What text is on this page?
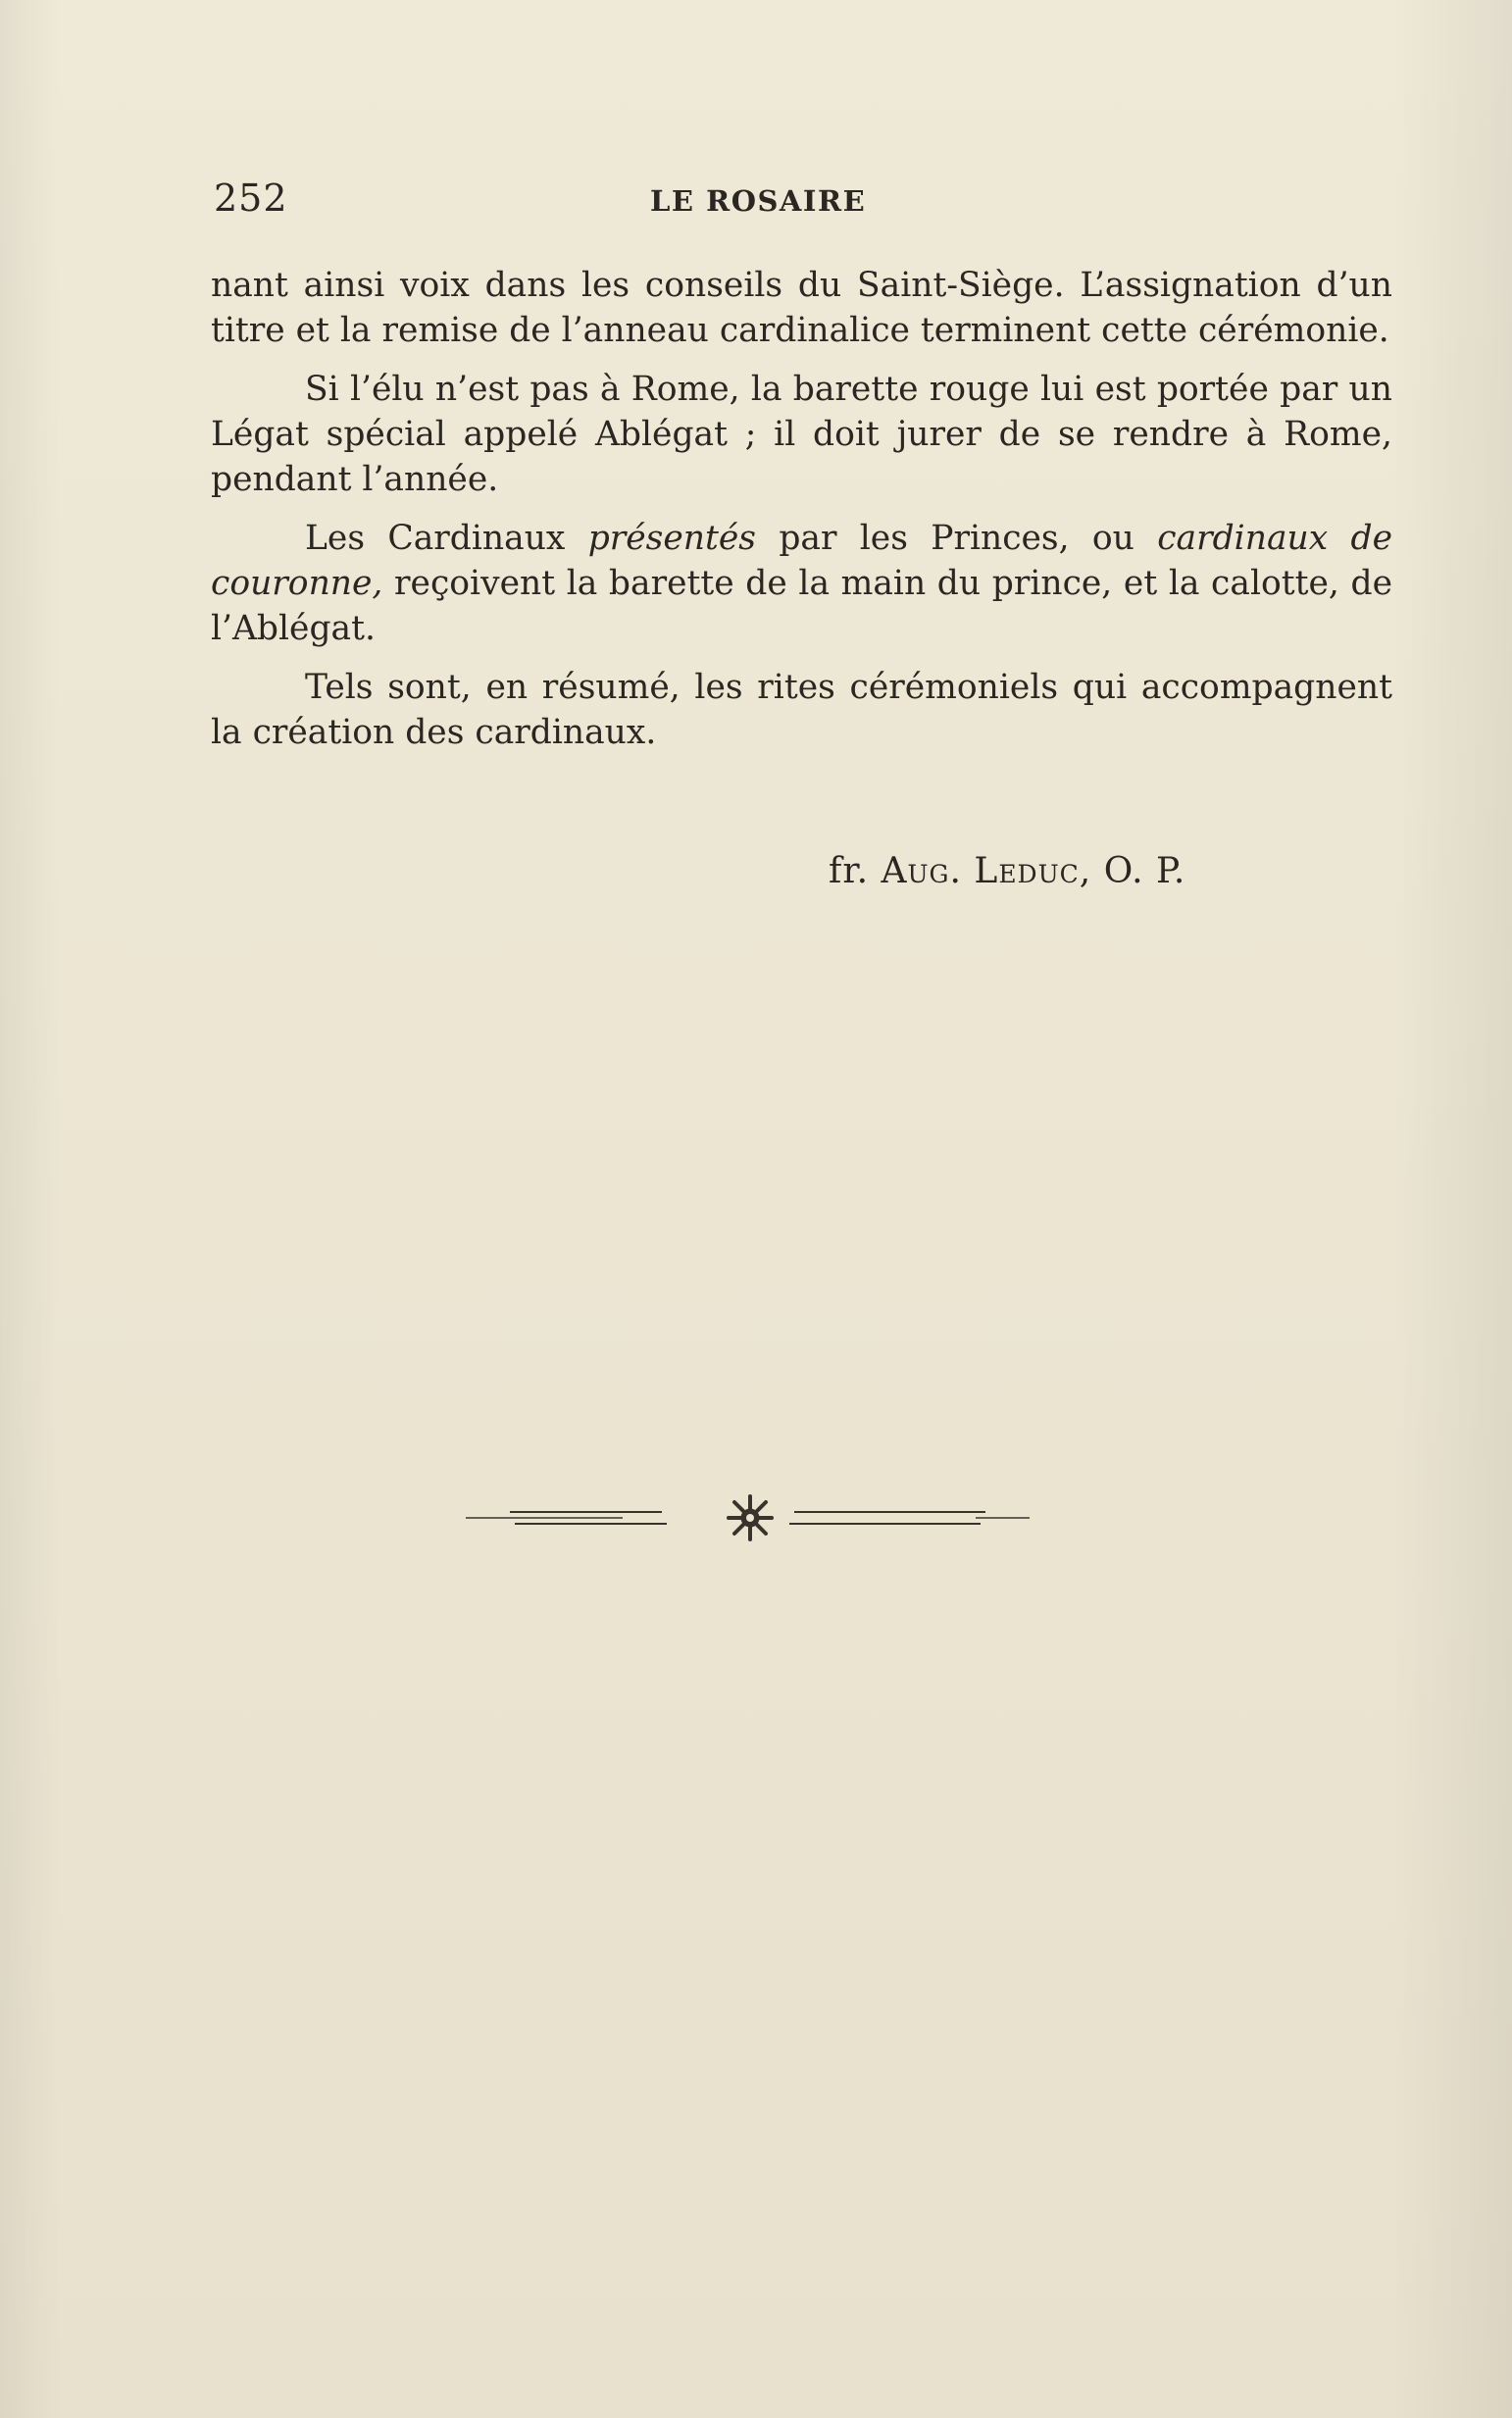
252	LE ROSAIRE

nant ainsi voix dans les conseils du Saint-Siège. L’assignation d’un titre et la remise de l’anneau cardinalice terminent cette cérémonie.

Si l’élu n’est pas à Rome, la barette rouge lui est portée par un Légat spécial appelé Ablégat ; il doit jurer de se rendre à Rome, pendant l’année.

Les Cardinaux présentés par les Princes, ou cardinaux de couronne, reçoivent la barette de la main du prince, et la calotte, de l’Ablégat.

Tels sont, en résumé, les rites cérémoniels qui accompagnent la création des cardinaux.

fr. Aug. Leduc, O. P.
